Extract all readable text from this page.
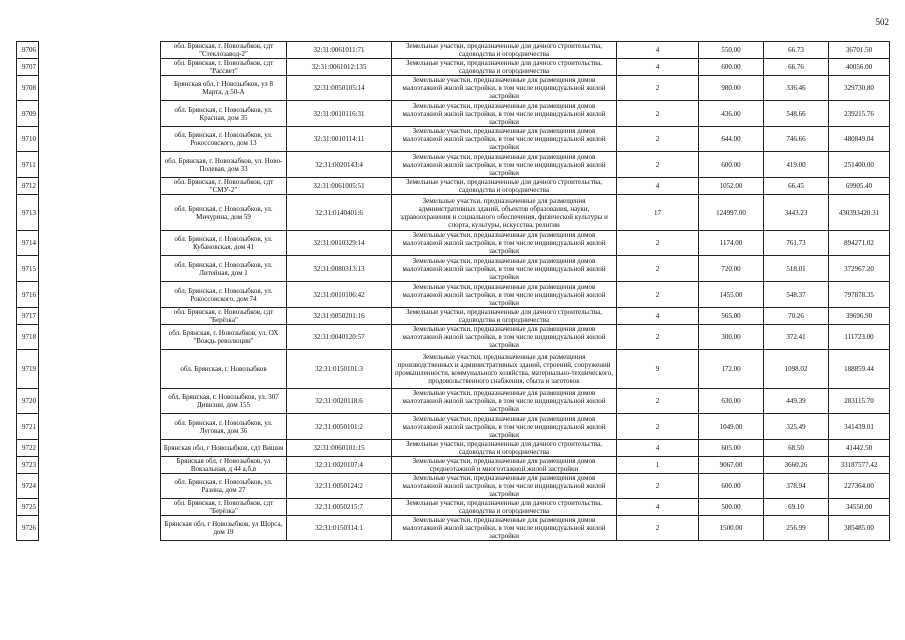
502
9706		обл. Брянская, г. Новозыбков, сдт "Стеклозавод-2"	32:31:0061011:71	Земельные участки, предназначенные для дачного строительства, садоводства и огородничества	4	550.00	66.73	36701.50
9707		обл. Брянская, г. Новозыбков, сдт "Рассвет"	32:31:0061012:135	Земельные участки, предназначенные для дачного строительства, садоводства и огородничества	4	600.00	66.76	40056.00
9708		Брянская обл, г Новозыбков, ул 8 Марта, д 50-А	32:31:0050105:14	Земельные участки, предназначенные для размещения домов малоэтажной жилой застройки, в том числе индивидуальной жилой застройки	2	980.00	336.46	329730.80
9709		обл. Брянская, г. Новозыбков, ул. Красная, дом 35	32:31:0010116:31	Земельные участки, предназначенные для размещения домов малоэтажной жилой застройки, в том числе индивидуальной жилой застройки	2	436.00	548.66	239215.76
9710		обл. Брянская, г. Новозыбков, ул. Рокоссовского, дом 13	32:31:0010114:11	Земельные участки, предназначенные для размещения домов малоэтажной жилой застройки, в том числе индивидуальной жилой застройки	2	644.00	746.66	480849.04
9711		обл. Брянская, г. Новозыбков, ул. Ново-Полевая, дом 33	32:31:0020143:4	Земельные участки, предназначенные для размещения домов малоэтажной жилой застройки, в том числе индивидуальной жилой застройки	2	600.00	419.00	251400.00
9712		обл. Брянская, г. Новозыбков, сдт "СМУ-2"	32:31:0061005:51	Земельные участки, предназначенные для дачного строительства, садоводства и огородничества	4	1052.00	66.45	69905.40
9713		обл. Брянская, г. Новозыбков, ул. Мичурина, дом 59	32:31:0140401:6	Земельные участки, предназначенные для размещения административных зданий, объектов образования, науки, здравоохранения и социального обеспечения, физической культуры и спорта, культуры, искусства, религии	17	124997.00	3443.23	430393420.31
9714		обл. Брянская, г. Новозыбков, ул. Кубановская, дом 41	32:31:0010329:14	Земельные участки, предназначенные для размещения домов малоэтажной жилой застройки, в том числе индивидуальной жилой застройки	2	1174.00	761.73	894271.02
9715		обл. Брянская, г. Новозыбков, ул. Литейная, дом 1	32:31:0080313:13	Земельные участки, предназначенные для размещения домов малоэтажной жилой застройки, в том числе индивидуальной жилой застройки	2	720.00	518.01	372967.20
9716		обл. Брянская, г. Новозыбков, ул. Рокоссовского, дом 74	32:31:0010106:42	Земельные участки, предназначенные для размещения домов малоэтажной жилой застройки, в том числе индивидуальной жилой застройки	2	1455.00	548.37	797878.35
9717		обл. Брянская, г. Новозыбков, сдт "Берёзка"	32:31:0050201:16	Земельные участки, предназначенные для дачного строительства, садоводства и огородничества	4	565.00	70.26	39696.90
9718		обл. Брянская, г. Новозыбков, ул. ОХ "Вождь революции"	32:31:0040120:57	Земельные участки, предназначенные для размещения домов малоэтажной жилой застройки, в том числе индивидуальной жилой застройки	2	300.00	372.41	111723.00
9719		обл. Брянская, г. Новозыбков	32:31:0150101:3	Земельные участки, предназначенные для размещения производственных и административных зданий, строений, сооружений промышленности, коммунального хозяйства, материально-технического, продовольственного снабжения, сбыта и заготовок	9	172.00	1098.02	188859.44
9720		обл. Брянская, г. Новозыбков, ул. 307 Дивизии, дом 155	32:31:0020118:6	Земельные участки, предназначенные для размещения домов малоэтажной жилой застройки, в том числе индивидуальной жилой застройки	2	630.00	449.39	283115.70
9721		обл. Брянская, г. Новозыбков, ул. Луговая, дом 36	32:31:0050101:2	Земельные участки, предназначенные для размещения домов малоэтажной жилой застройки, в том числе индивидуальной жилой застройки	2	1049.00	325.49	341439.01
9722		Брянская обл, г Новозыбков, сдт Вишня	32:31:0060101:15	Земельные участки, предназначенные для дачного строительства, садоводства и огородничества	4	605.00	68.50	41442.50
9723		Брянская обл, г Новозыбков, ул Вокзальная, д 44 а,б,в	32:31:0020107:4	Земельные участки, предназначенные для размещения домов среднеэтажной и многоэтажной жилой застройки	1	9067.00	3660.26	33187577.42
9724		обл. Брянская, г. Новозыбков, ул. Разина, дом 27	32:31:0050124:2	Земельные участки, предназначенные для размещения домов малоэтажной жилой застройки, в том числе индивидуальной жилой застройки	2	600.00	378.94	227364.00
9725		обл. Брянская, г. Новозыбков, сдт "Берёзка"	32:31:0050215:7	Земельные участки, предназначенные для дачного строительства, садоводства и огородничества	4	500.00	69.10	34550.00
9726		Брянская обл, г Новозыбков, ул Щорса, дом 19	32:31:0150314:1	Земельные участки, предназначенные для размещения домов малоэтажной жилой застройки, в том числе индивидуальной жилой застройки	2	1500.00	256.99	385485.00
